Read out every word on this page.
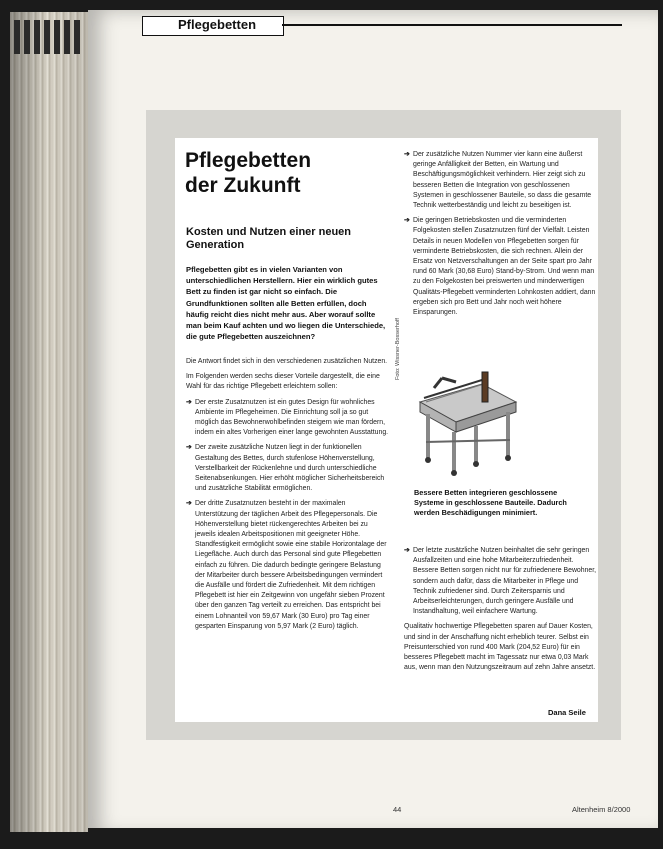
Pflegebetten
Pflegebetten
der Zukunft
Kosten und Nutzen einer neuen Generation
Pflegebetten gibt es in vielen Varianten von unterschiedlichen Herstellern. Hier ein wirklich gutes Bett zu finden ist gar nicht so einfach. Die Grundfunktionen sollten alle Betten erfüllen, doch häufig reicht dies nicht mehr aus. Aber worauf sollte man beim Kauf achten und wo liegen die Unterschiede, die gute Pflegebetten auszeichnen?

Die Antwort findet sich in den verschiedenen zusätzlichen Nutzen.

Im Folgenden werden sechs dieser Vorteile dargestellt, die eine Wahl für das richtige Pflegebett erleichtern sollen:

➔ Der erste Zusatznutzen ist ein gutes Design für wohnliches Ambiente im Pflegeheimen. Die Einrichtung soll ja so gut möglich das Bewohnerwohlbefinden steigern wie man fördern, indem ein altes Vorherigen einer lange gewohnten Ausstattung.
➔ Der zweite zusätzliche Nutzen liegt in der funktionellen Gestaltung des Bettes, durch stufenlose Höhenverstellung, Verstellbarkeit der Rückenlehne und durch unterschiedliche Seitenabsenkungen. Hier erhöht möglicher Sicherheitsbereich und zusätzliche Stabilität ermöglichen.
➔ Der dritte Zusatznutzen besteht in der maximalen Unterstützung der täglichen Arbeit des Pflegepersonals. Die Höhenverstellung bietet rückengerechtes Arbeiten bei zu jeweils idealen Arbeitspositionen mit geeigneter Höhe. Standfestigkeit ermöglicht sowie eine stabile Horizontalage der Liegefläche. Auch durch das Personal sind gute Pflegebetten einfach zu führen. Die dadurch bedingte geringere Belastung der Mitarbeiter durch bessere Arbeitsbedingungen vermindert die Ausfälle und fördert die Zufriedenheit. Mit dem richtigen Pflegebett ist hier ein Zeitgewinn von ungefähr sieben Prozent über den ganzen Tag verteilt zu erreichen. Das entspricht bei einem Lohnanteil von 59,67 Mark (30 Euro) pro Tag einer gesparten Einsparung von 5,97 Mark (2 Euro) täglich.
➔ Der zusätzliche Nutzen Nummer vier kann eine äußerst geringe Anfälligkeit der Betten, ein Wartung und Beschäftigungsmöglichkeit verhindern. Hier zeigt sich zu besseren Betten die Integration von geschlossenen Systemen in geschlossener Bauteile, so dass die gesamte Technik wetterbeständig und leicht zu beseitigen ist.
➔ Die geringen Betriebskosten und die verminderten Folgekosten stellen Zusatznutzen fünf der Vielfalt. Leisten Details in neuen Modellen von Pflegebetten sorgen für verminderte Betriebskosten, die sich rechnen. Allein der Ersatz von Netzverschaltungen an der Seite spart pro Jahr rund 60 Mark (30,68 Euro) Stand-by-Strom. Und wenn man zu den Folgekosten bei preiswerten und minderwertigen Qualitäts-Pflegebett verminderten Lohnkosten addiert, dann ergeben sich pro Bett und Jahr noch weit höhere Einsparungen.
Foto: Wissner-Bosserhoff
Bessere Betten integrieren geschlossene Systeme in geschlossene Bauteile. Dadurch werden Beschädigungen minimiert.
➔ Der letzte zusätzliche Nutzen beinhaltet die sehr geringen Ausfallzeiten und eine hohe Mitarbeiterzufriedenheit. Bessere Betten sorgen nicht nur für zufriedenere Bewohner, sondern auch dafür, dass die Mitarbeiter in Pflege und Technik zufriedener sind. Durch Zeitersparnis und Arbeitserleichterungen, durch geringere Ausfälle und Instandhaltung, weil einfachere Wartung.

Qualitativ hochwertige Pflegebetten sparen auf Dauer Kosten, und sind in der Anschaffung nicht erheblich teurer. Selbst ein Preisunterschied von rund 400 Mark (204,52 Euro) für ein besseres Pflegebett macht im Tagessatz nur etwa 0,03 Mark aus, wenn man den Nutzungszeitraum auf zehn Jahre ansetzt.

Dana Seile
44	Altenheim 8/2000
